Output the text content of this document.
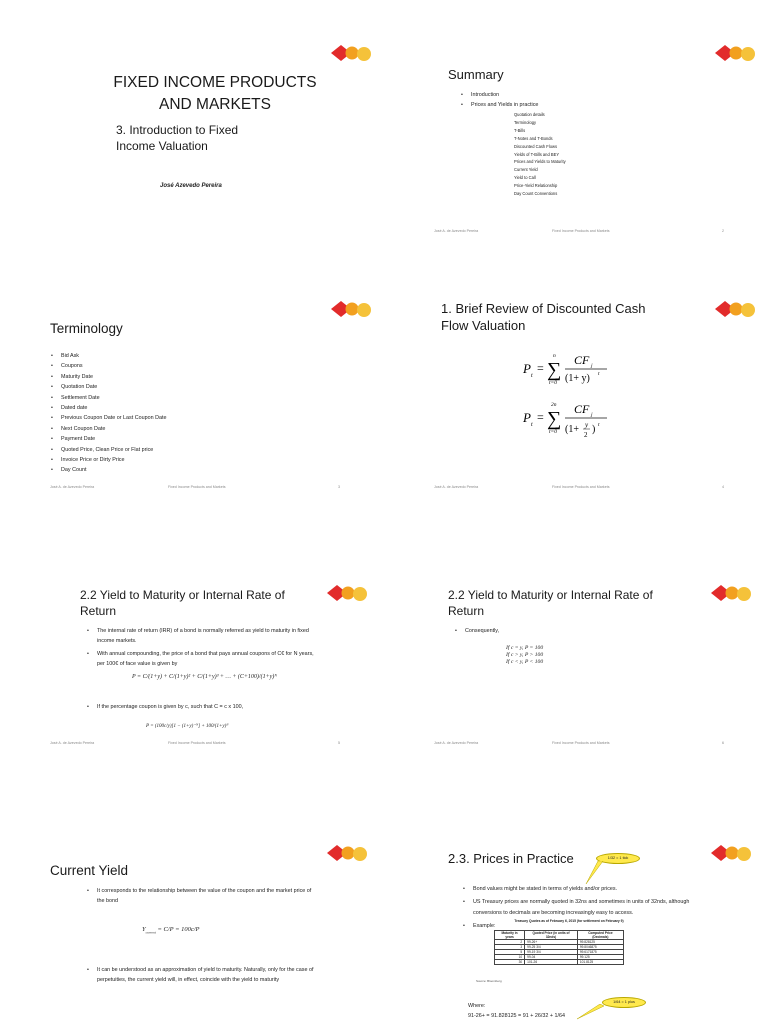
FIXED INCOME PRODUCTS
AND MARKETS
3. Introduction to Fixed
Income Valuation
José Azevedo Pereira
Summary
• Introduction
• Prices and Yields in practice
Quotation details
Terminology
T-Bills
T-Notes and T-Bonds
Discounted Cash Flows
Yields of T-Bills and BEY
Prices and Yields to Maturity
Current Yield
Yield to Call
Price-Yield Relationship
Day Count Conventions
José A. de Azevedo Pereira	Fixed Income Products and Markets	2
Terminology
• Bid Ask
• Coupons
• Maturity Date
• Quotation Date
• Settlement Date
• Dated date
• Previous Coupon Date or Last Coupon Date
• Next Coupon Date
• Payment Date
• Quoted Price, Clean Price or Flat price
• Invoice Price or Dirty Price
• Day Count
José A. de Azevedo Pereira	Fixed Income Products and Markets	3
1. Brief Review of Discounted Cash
Flow Valuation
P t
= ∑
n
t=0
CF j
(1+ y) t
P t
= ∑
2n
t=0
CF j
(1+ y
2 ) t
José A. de Azevedo Pereira	Fixed Income Products and Markets	4
2.2 Yield to Maturity or Internal Rate of
Return
• The internal rate of return (IRR) of a bond is normally referred as yield to maturity in fixed income markets.
• With annual compounding, the price of a bond that pays annual coupons of C€ for N years, per 100€ of face value is given by
P = C/(1+y) + C/(1+y)² + C/(1+y)³ + … + (C+100)/(1+y)ᴺ
• If the percentage coupon is given by c, such that C = c x 100,
P = (100c/y)[1 − (1+y)⁻ᴺ] + 100/(1+y)ᴺ
José A. de Azevedo Pereira	Fixed Income Products and Markets	5
2.2 Yield to Maturity or Internal Rate of
Return
• Consequently,
If c = y, P = 100
If c > y, P > 100
If c < y, P < 100
José A. de Azevedo Pereira	Fixed Income Products and Markets	6
Current Yield
• It corresponds to the relationship between the value of the coupon and the market price of the bond
$Y_{current} = C/P = 100c/P$
• It can be understood as an approximation of yield to maturity. Naturally, only for the case of perpetuities, the current yield will, in effect, coincide with the yield to maturity
2.3. Prices in Practice	1/32 = 1 tick
• Bond values might be stated in terms of yields and/or prices.
• US Treasury prices are normally quoted in 32ns and sometimes in units of 32nds, although conversions to decimals are becoming increasingly easy to access.
• Example:
Treasury Quotes as of February 6, 2015 (for settlement on February 9)
Maturity in years	Quoted Price (in units of 32nds)	Computed Price (Decimals)
2	99-26+	99.828125
3	99-25 3/4	99.8046875
5	99-19 3/4	99.6171875
10	99-04	99.125
30	101-26	101.8125
Source: Bloomberg
1/64 = 1 plus
Where:
91-26+ = 91.828125 = 91 + 26/32 + 1/64
